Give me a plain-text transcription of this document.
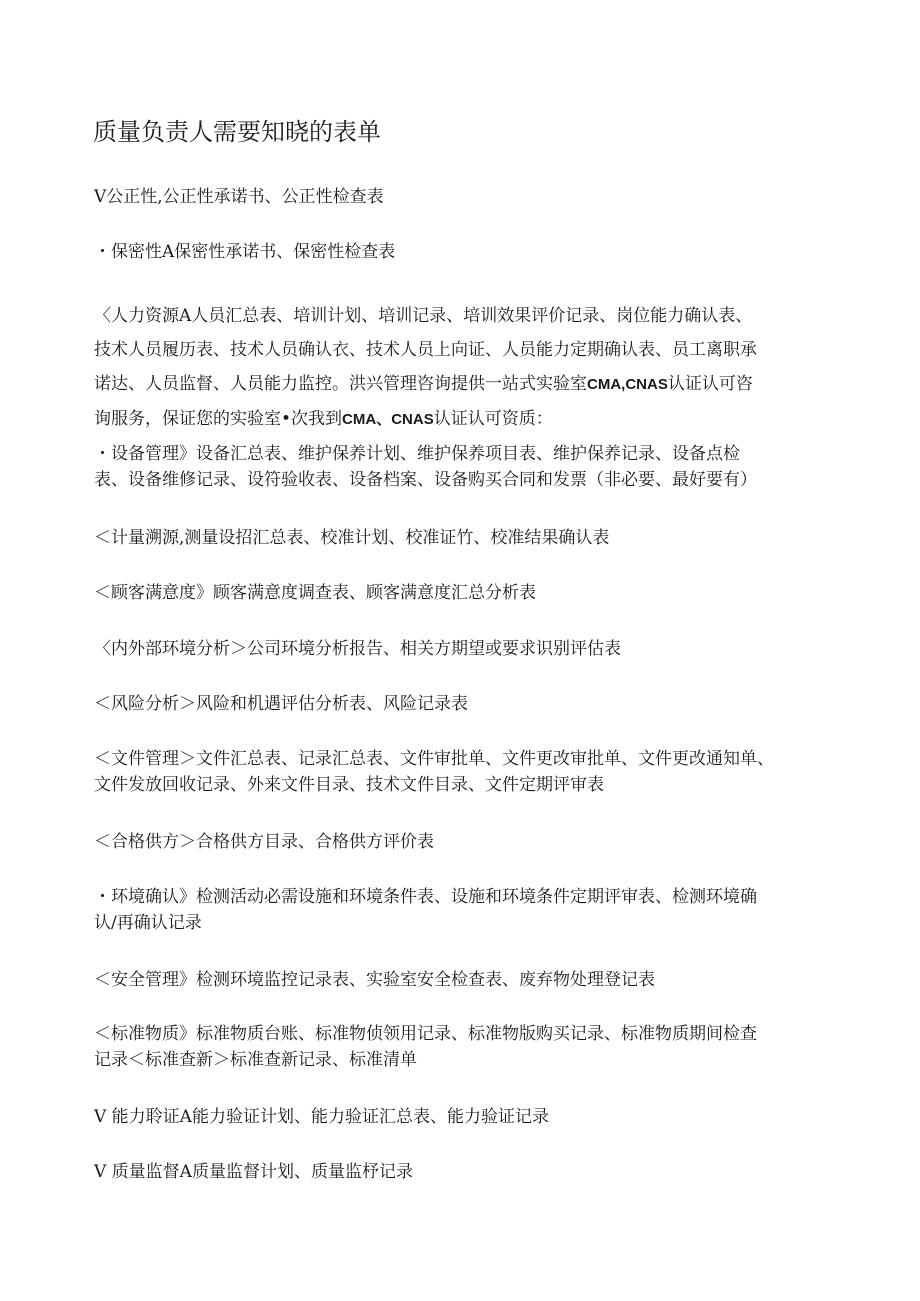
质量负责人需要知晓的表单
V公正性,公正性承诺书、公正性检查表
・保密性A保密性承诺书、保密性检查表
〈人力资源A人员汇总表、培训计划、培训记录、培训效果评价记录、岗位能力确认表、
技术人员履历表、技术人员确认衣、技术人员上向证、人员能力定期确认表、员工离职承
诺达、人员监督、人员能力监控。洪兴管理咨询提供一站式实验室CMA,CNAS认证认可咨
询服务，保证您的实验室•次我到CMA、CNAS认证认可资质：
・设备管理》设备汇总表、维护保养计划、维护保养项目表、维护保养记录、设备点检
表、设备维修记录、设符验收表、设备档案、设备购买合同和发票（非必要、最好要有）
＜计量溯源,测量设招汇总表、校准计划、校准证竹、校准结果确认表
＜顾客满意度》顾客满意度调查表、顾客满意度汇总分析表
〈内外部环境分析＞公司环境分析报告、相关方期望或要求识别评估表
＜风险分析＞风险和机遇评估分析表、风险记录表
＜文件管理＞文件汇总表、记录汇总表、文件审批单、文件更改审批单、文件更改通知单、
文件发放回收记录、外来文件目录、技术文件目录、文件定期评审表
＜合格供方＞合格供方目录、合格供方评价表
・环境确认》检测活动必需设施和环境条件表、设施和环境条件定期评审表、检测环境确
认/再确认记录
＜安全管理》检测环境监控记录表、实验室安全检查表、废弃物处理登记表
＜标准物质》标准物质台账、标准物侦领用记录、标准物版购买记录、标准物质期间检查
记录＜标准查新＞标准查新记录、标准清单
V 能力聆证A能力验证计划、能力验证汇总表、能力验证记录
V 质量监督A质量监督计划、质量监杼记录
